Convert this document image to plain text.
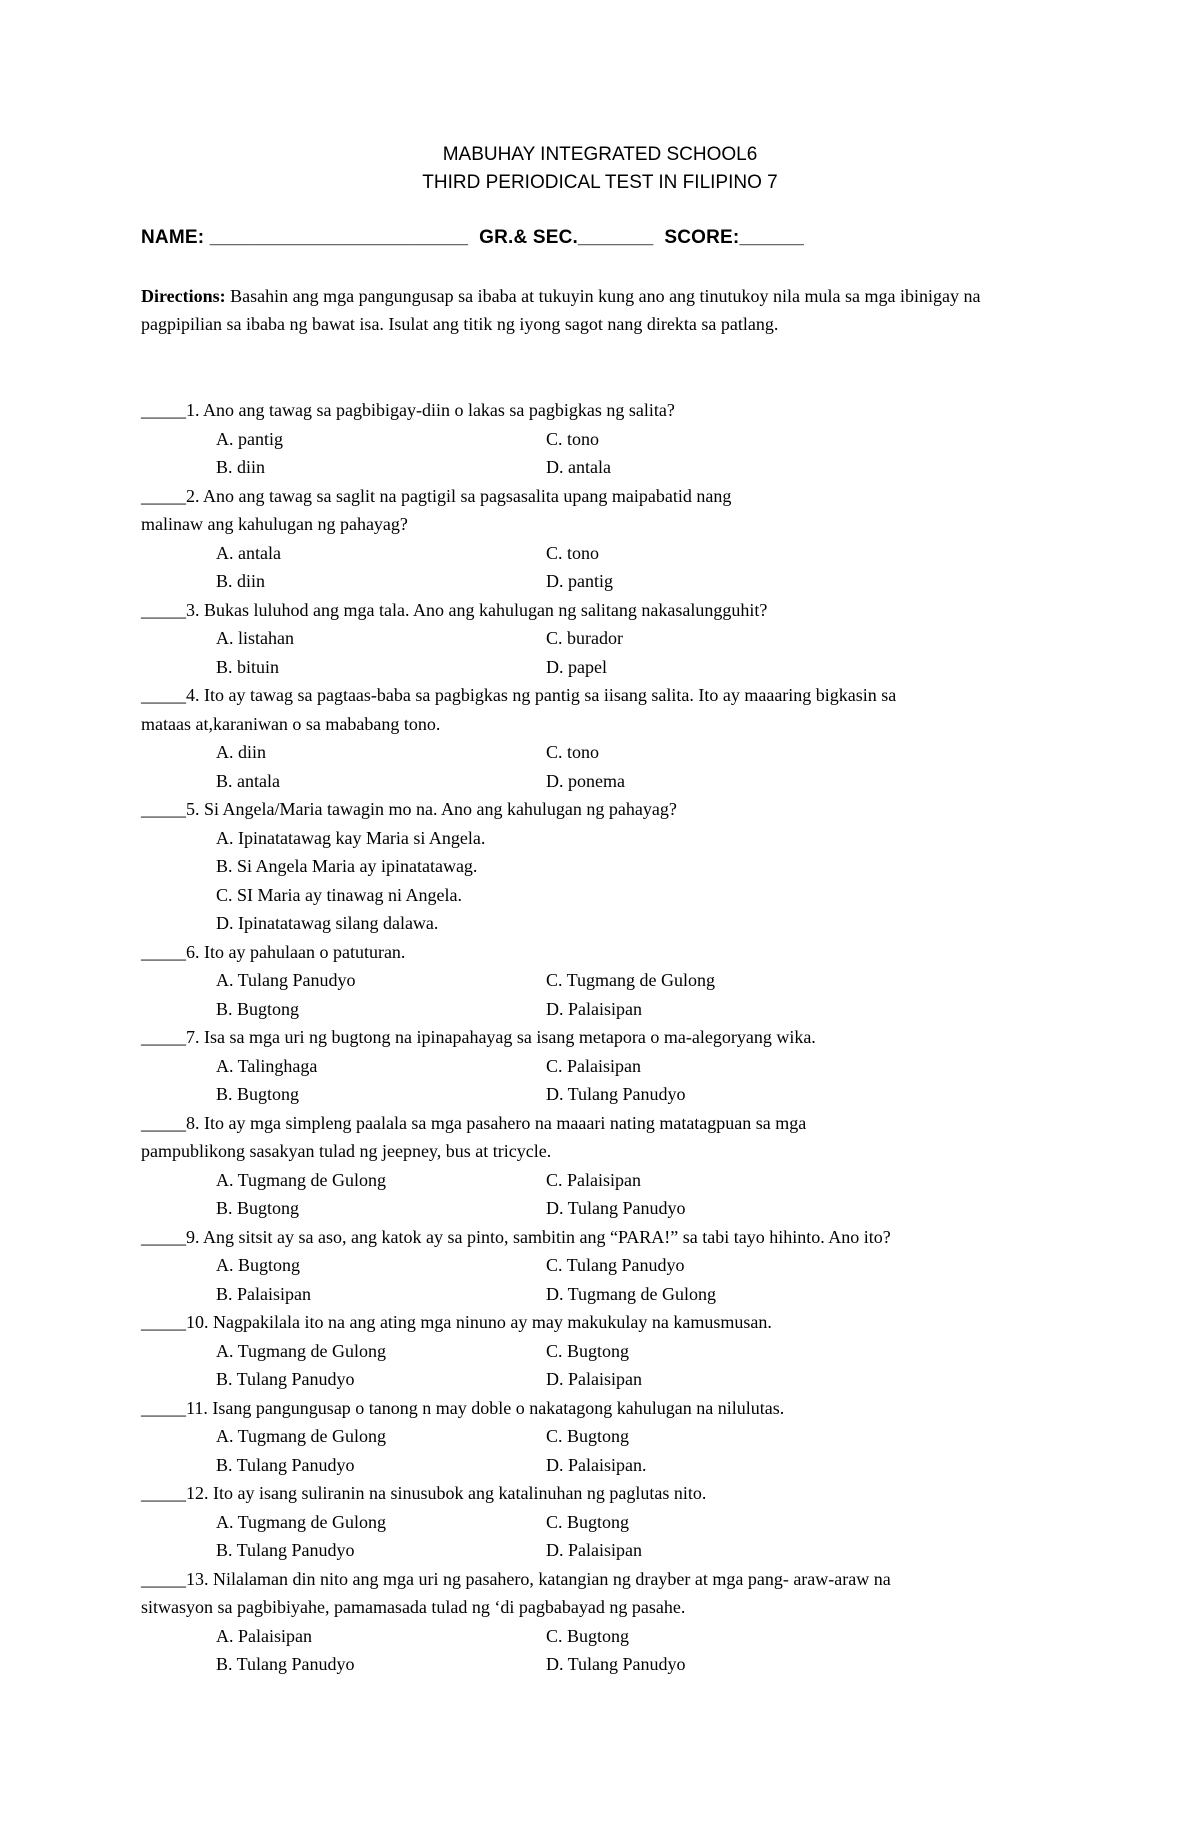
MABUHAY INTEGRATED SCHOOL6
THIRD PERIODICAL TEST IN FILIPINO 7
NAME: ________________________  GR.& SEC._______  SCORE:______
Directions: Basahin ang mga pangungusap sa ibaba at tukuyin kung ano ang tinutukoy nila mula sa mga ibinigay na pagpipilian sa ibaba ng bawat isa. Isulat ang titik ng iyong sagot nang direkta sa patlang.
_____1. Ano ang tawag sa pagbibigay-diin o lakas sa pagbigkas ng salita?
A. pantig	C. tono
B. diin	D. antala
_____2. Ano ang tawag sa saglit na pagtigil sa pagsasalita upang maipabatid nang
malinaw ang kahulugan ng pahayag?
A. antala	C. tono
B. diin	D. pantig
_____3. Bukas luluhod ang mga tala. Ano ang kahulugan ng salitang nakasalungguhit?
A. listahan	C. burador
B. bituin	D. papel
_____4. Ito ay tawag sa pagtaas-baba sa pagbigkas ng pantig sa iisang salita. Ito ay maaaring bigkasin sa
mataas at,karaniwan o sa mababang tono.
A. diin	C. tono
B. antala	D. ponema
_____5. Si Angela/Maria tawagin mo na. Ano ang kahulugan ng pahayag?
A. Ipinatatawag kay Maria si Angela.
B. Si Angela Maria ay ipinatatawag.
C. SI Maria ay tinawag ni Angela.
D. Ipinatatawag silang dalawa.
_____6. Ito ay pahulaan o patuturan.
A. Tulang Panudyo	C. Tugmang de Gulong
B. Bugtong	D. Palaisipan
_____7. Isa sa mga uri ng bugtong na ipinapahayag sa isang metapora o ma-alegoryang wika.
A. Talinghaga	C. Palaisipan
B. Bugtong	D. Tulang Panudyo
_____8. Ito ay mga simpleng paalala sa mga pasahero na maaari nating matatagpuan sa mga
pampublikong sasakyan tulad ng jeepney, bus at tricycle.
A. Tugmang de Gulong	C. Palaisipan
B. Bugtong	D. Tulang Panudyo
_____9. Ang sitsit ay sa aso, ang katok ay sa pinto, sambitin ang “PARA!” sa tabi tayo hihinto. Ano ito?
A. Bugtong	C. Tulang Panudyo
B. Palaisipan	D. Tugmang de Gulong
_____10. Nagpakilala ito na ang ating mga ninuno ay may makukulay na kamusmusan.
A. Tugmang de Gulong	C. Bugtong
B. Tulang Panudyo	D. Palaisipan
_____11. Isang pangungusap o tanong n may doble o nakatagong kahulugan na nilulutas.
A. Tugmang de Gulong	C. Bugtong
B. Tulang Panudyo	D. Palaisipan.
_____12. Ito ay isang suliranin na sinusubok ang katalinuhan ng paglutas nito.
A. Tugmang de Gulong	C. Bugtong
B. Tulang Panudyo	D. Palaisipan
_____13. Nilalaman din nito ang mga uri ng pasahero, katangian ng drayber at mga pang- araw-araw na
sitwasyon sa pagbibiyahe, pamamasada tulad ng ‘di pagbabayad ng pasahe.
A. Palaisipan	C. Bugtong
B. Tulang Panudyo	D. Tulang Panudyo
